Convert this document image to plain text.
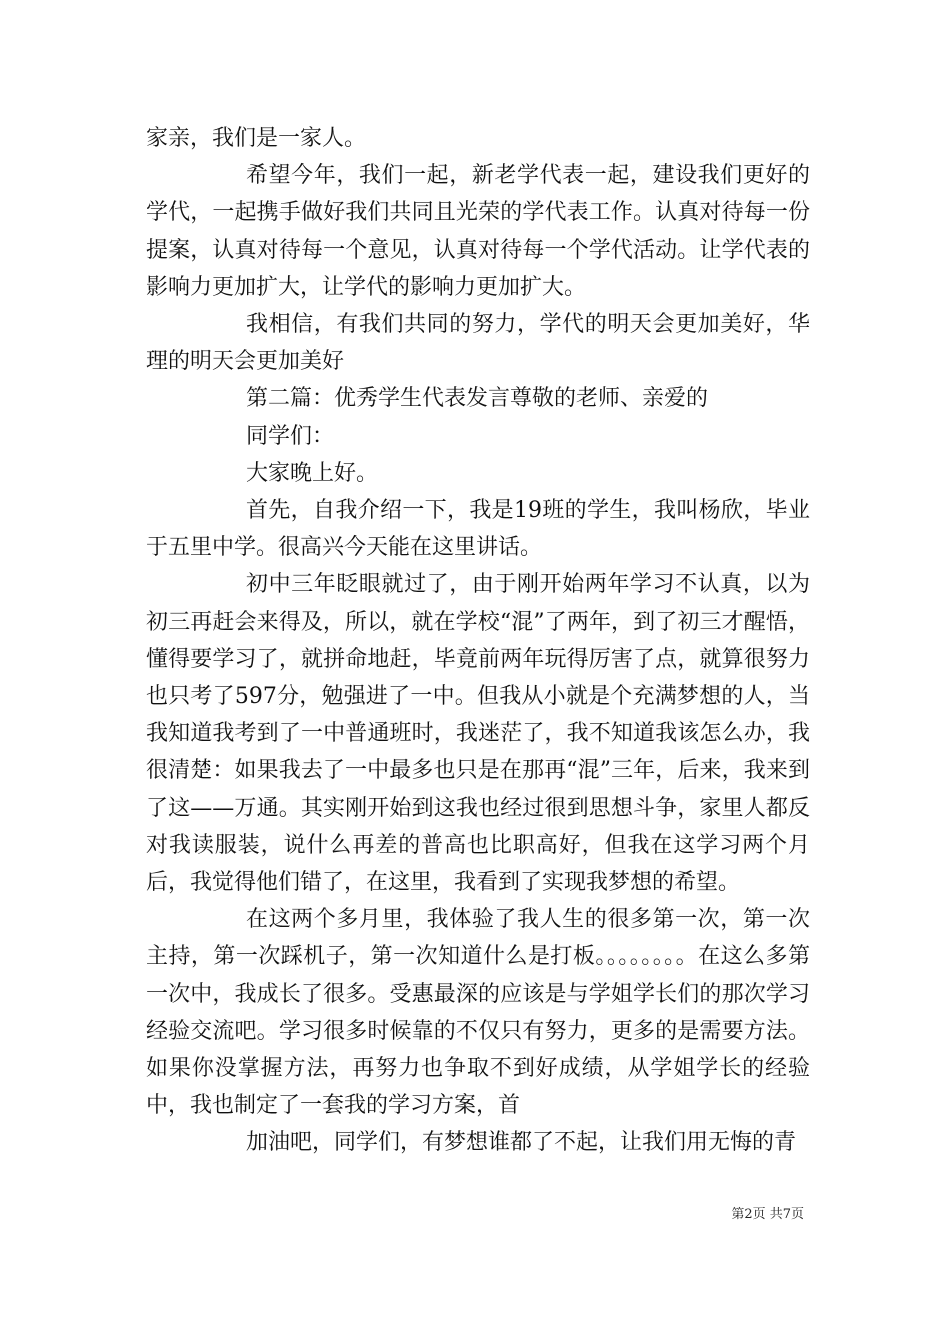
家亲，我们是一家人。

希望今年，我们一起，新老学代表一起，建设我们更好的学代，一起携手做好我们共同且光荣的学代表工作。认真对待每一份提案，认真对待每一个意见，认真对待每一个学代活动。让学代表的影响力更加扩大，让学代的影响力更加扩大。

我相信，有我们共同的努力，学代的明天会更加美好，华理的明天会更加美好

第二篇：优秀学生代表发言尊敬的老师、亲爱的

同学们：

大家晚上好。

首先，自我介绍一下，我是19班的学生，我叫杨欣，毕业于五里中学。很高兴今天能在这里讲话。

初中三年眨眼就过了，由于刚开始两年学习不认真，以为初三再赶会来得及，所以，就在学校“混”了两年，到了初三才醒悟，懂得要学习了，就拼命地赶，毕竟前两年玩得厉害了点，就算很努力也只考了597分，勉强进了一中。但我从小就是个充满梦想的人，当我知道我考到了一中普通班时，我迷茫了，我不知道我该怎么办，我很清楚：如果我去了一中最多也只是在那再“混”三年，后来，我来到了这——万通。其实刚开始到这我也经过很到思想斗争，家里人都反对我读服装，说什么再差的普高也比职高好，但我在这学习两个月后，我觉得他们错了，在这里，我看到了实现我梦想的希望。

在这两个多月里，我体验了我人生的很多第一次，第一次主持，第一次踩机子，第一次知道什么是打板。。。。。。。。在这么多第一次中，我成长了很多。受惠最深的应该是与学姐学长们的那次学习经验交流吧。学习很多时候靠的不仅只有努力，更多的是需要方法。如果你没掌握方法，再努力也争取不到好成绩，从学姐学长的经验中，我也制定了一套我的学习方案，首

加油吧，同学们，有梦想谁都了不起，让我们用无悔的青

第2页 共7页
